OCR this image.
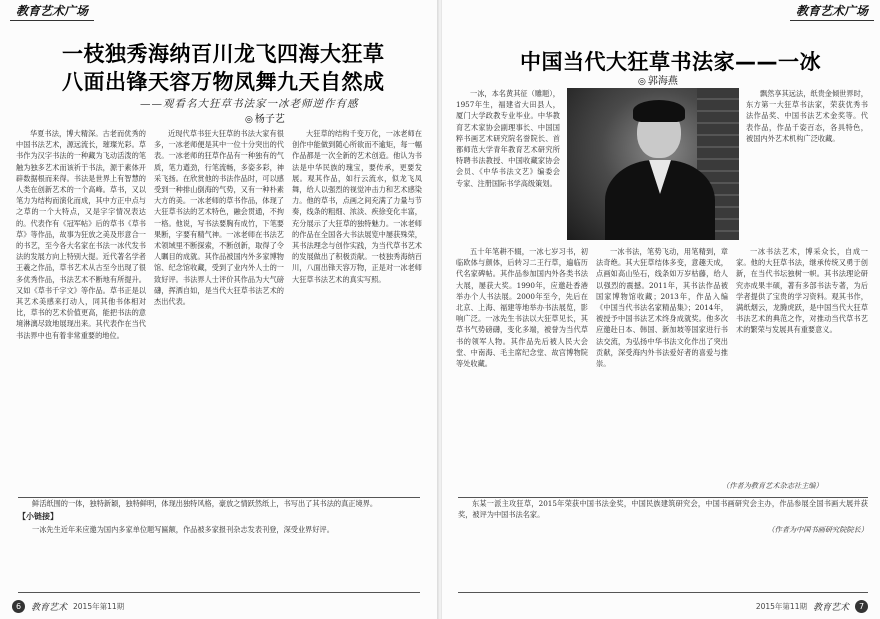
教育艺术广场
一枝独秀海纳百川龙飞四海大狂草
八面出锋天容万物凤舞九天自然成
——观看名大狂草书法家一冰老师逆作有感
◎ 杨子艺

华夏书法，博大精深。古老而优秀的中国书法艺术，源远流长，璀璨光彩。草书作为汉字书法的一种藏为飞动活泼的笔触为独多艺术而该祈于书法，源于素体开辟数据根而来得。书法是世界上有智慧的人类在创新艺术的一个高峰。草书，又以笔力为结构而演化而成，其中方正中点与之草的一个大特点，又是字字情况表达的。代表作有《冠军帖》后的草书《草书草》等作品，故事为狂放之美及形意合一的书艺，至今各大名家在书法一冰代发书法的发展方向上特别大提。近代著名学者王羲之作品，草书艺术从古至今出现了很多优秀作品，书法艺术不断地有所提升。又如《草书千字文》等作品。草书正是以其艺术美感来打动人，同其他书体相对比，草书的艺术价值更高，能把书法的意境淋漓尽致地展现出来。其代表作在当代书法界中也有着非常重要的地位。

近现代草书狂大狂草的书法大家有很多，一冰老师便是其中一位十分突出的代表。一冰老师的狂草作品有一种独有的气质，笔力遒劲，行笔流畅，多姿多彩，神采飞扬。在欣赏他的书法作品时，可以感受到一种排山倒海的气势，又有一种朴素大方的美。一冰老师的草书作品，体现了大狂草书法的艺术特色，融会贯通，不拘一格。他说，写书法要胸有成竹，下笔要果断，字要有精气神。一冰老师在书法艺术领域里不断探索，不断创新，取得了令人瞩目的成就。其作品被国内外多家博物馆、纪念馆收藏，受到了业内外人士的一致好评。书法界人士评价其作品为大气磅礴，挥洒自如，是当代大狂草书法艺术的杰出代表。

大狂草的结构千变万化，一冰老师在创作中能做到随心所欲而不逾矩，每一幅作品都是一次全新的艺术创造。他认为书法是中华民族的瑰宝，要传承，更要发展。观其作品，如行云流水，似龙飞凤舞，给人以强烈的视觉冲击力和艺术感染力。他的草书，点画之间充满了力量与节奏，线条的粗细、浓淡、疾徐变化丰富，充分展示了大狂草的独特魅力。一冰老师的作品在全国各大书法展览中屡获殊荣，其书法理念与创作实践，为当代草书艺术的发展做出了积极贡献。一枝独秀海纳百川，八面出锋天容万物，正是对一冰老师大狂草书法艺术的真实写照。

6	教育艺术 2015年第11期
教育艺术广场
中国当代大狂草书法家——一冰
◎ 郭海燕

一冰，本名黄其征（雕题），1957年生，福建省大田县人，厦门大学政教专业毕业。中华教育艺术家协会副理事长、中国国粹书画艺术研究院名誉院长、首都师范大学青年教育艺术研究所特聘书法教授、中国收藏家协会会员、《中华书法文艺》编委会专家、注册国际书学高级策划。

飘然享其远法，纸贵金倾世界时，东方第一大狂草书法家，荣获优秀书法作品奖、中国书法艺术金奖等。代表作品，作品千姿百态，各具特色，被国内外艺术机构广泛收藏。

五十年笔耕不辍，一冰七岁习书，初临欧体与颜体，后转习二王行草，遍临历代名家碑帖。其作品参加国内外各类书法大展，屡获大奖。1990年，应邀赴香港举办个人书法展。2000年至今，先后在北京、上海、福建等地举办书法展览，影响广泛。一冰先生书法以大狂草见长，其草书气势磅礴，变化多端，被誉为当代草书的领军人物。其作品先后被人民大会堂、中南海、毛主席纪念堂、故宫博物院等处收藏。

一冰书法，笔势飞动，用笔精到，章法奇绝。其大狂草结体多变，意趣天成，点画如高山坠石，线条如万岁枯藤，给人以强烈的震撼。2011年，其书法作品被国家博物馆收藏；2013年，作品入编《中国当代书法名家精品集》；2014年，被授予中国书法艺术终身成就奖。他多次应邀赴日本、韩国、新加坡等国家进行书法交流，为弘扬中华书法文化作出了突出贡献，深受海内外书法爱好者的喜爱与推崇。

一冰书法艺术，博采众长，自成一家。他的大狂草书法，继承传统又勇于创新，在当代书坛独树一帜。其书法理论研究亦成果丰硕，著有多部书法专著，为后学者提供了宝贵的学习资料。观其书作，满纸烟云，龙腾虎跃，是中国当代大狂草书法艺术的典范之作，对推动当代草书艺术的繁荣与发展具有重要意义。

（作者为教育艺术杂志社主编）
2015年第11期 教育艺术	7
鲜活纸围的一体，独特新颖，独特鲜明，体现出独特风格，豪放之情跃然纸上，书写出了其书法的真正境界。
【小链接】
一冰先生近年来应邀为国内多家单位题写匾额，作品被多家报刊杂志发表刊登，深受业界好评。
东某一派主攻狂草，2015年荣获中国书法金奖，中国民族建筑研究会，中国书画研究会主办，作品参展全国书画大展并获奖，被评为中国书法名家。
（作者为中国书画研究院院长）
